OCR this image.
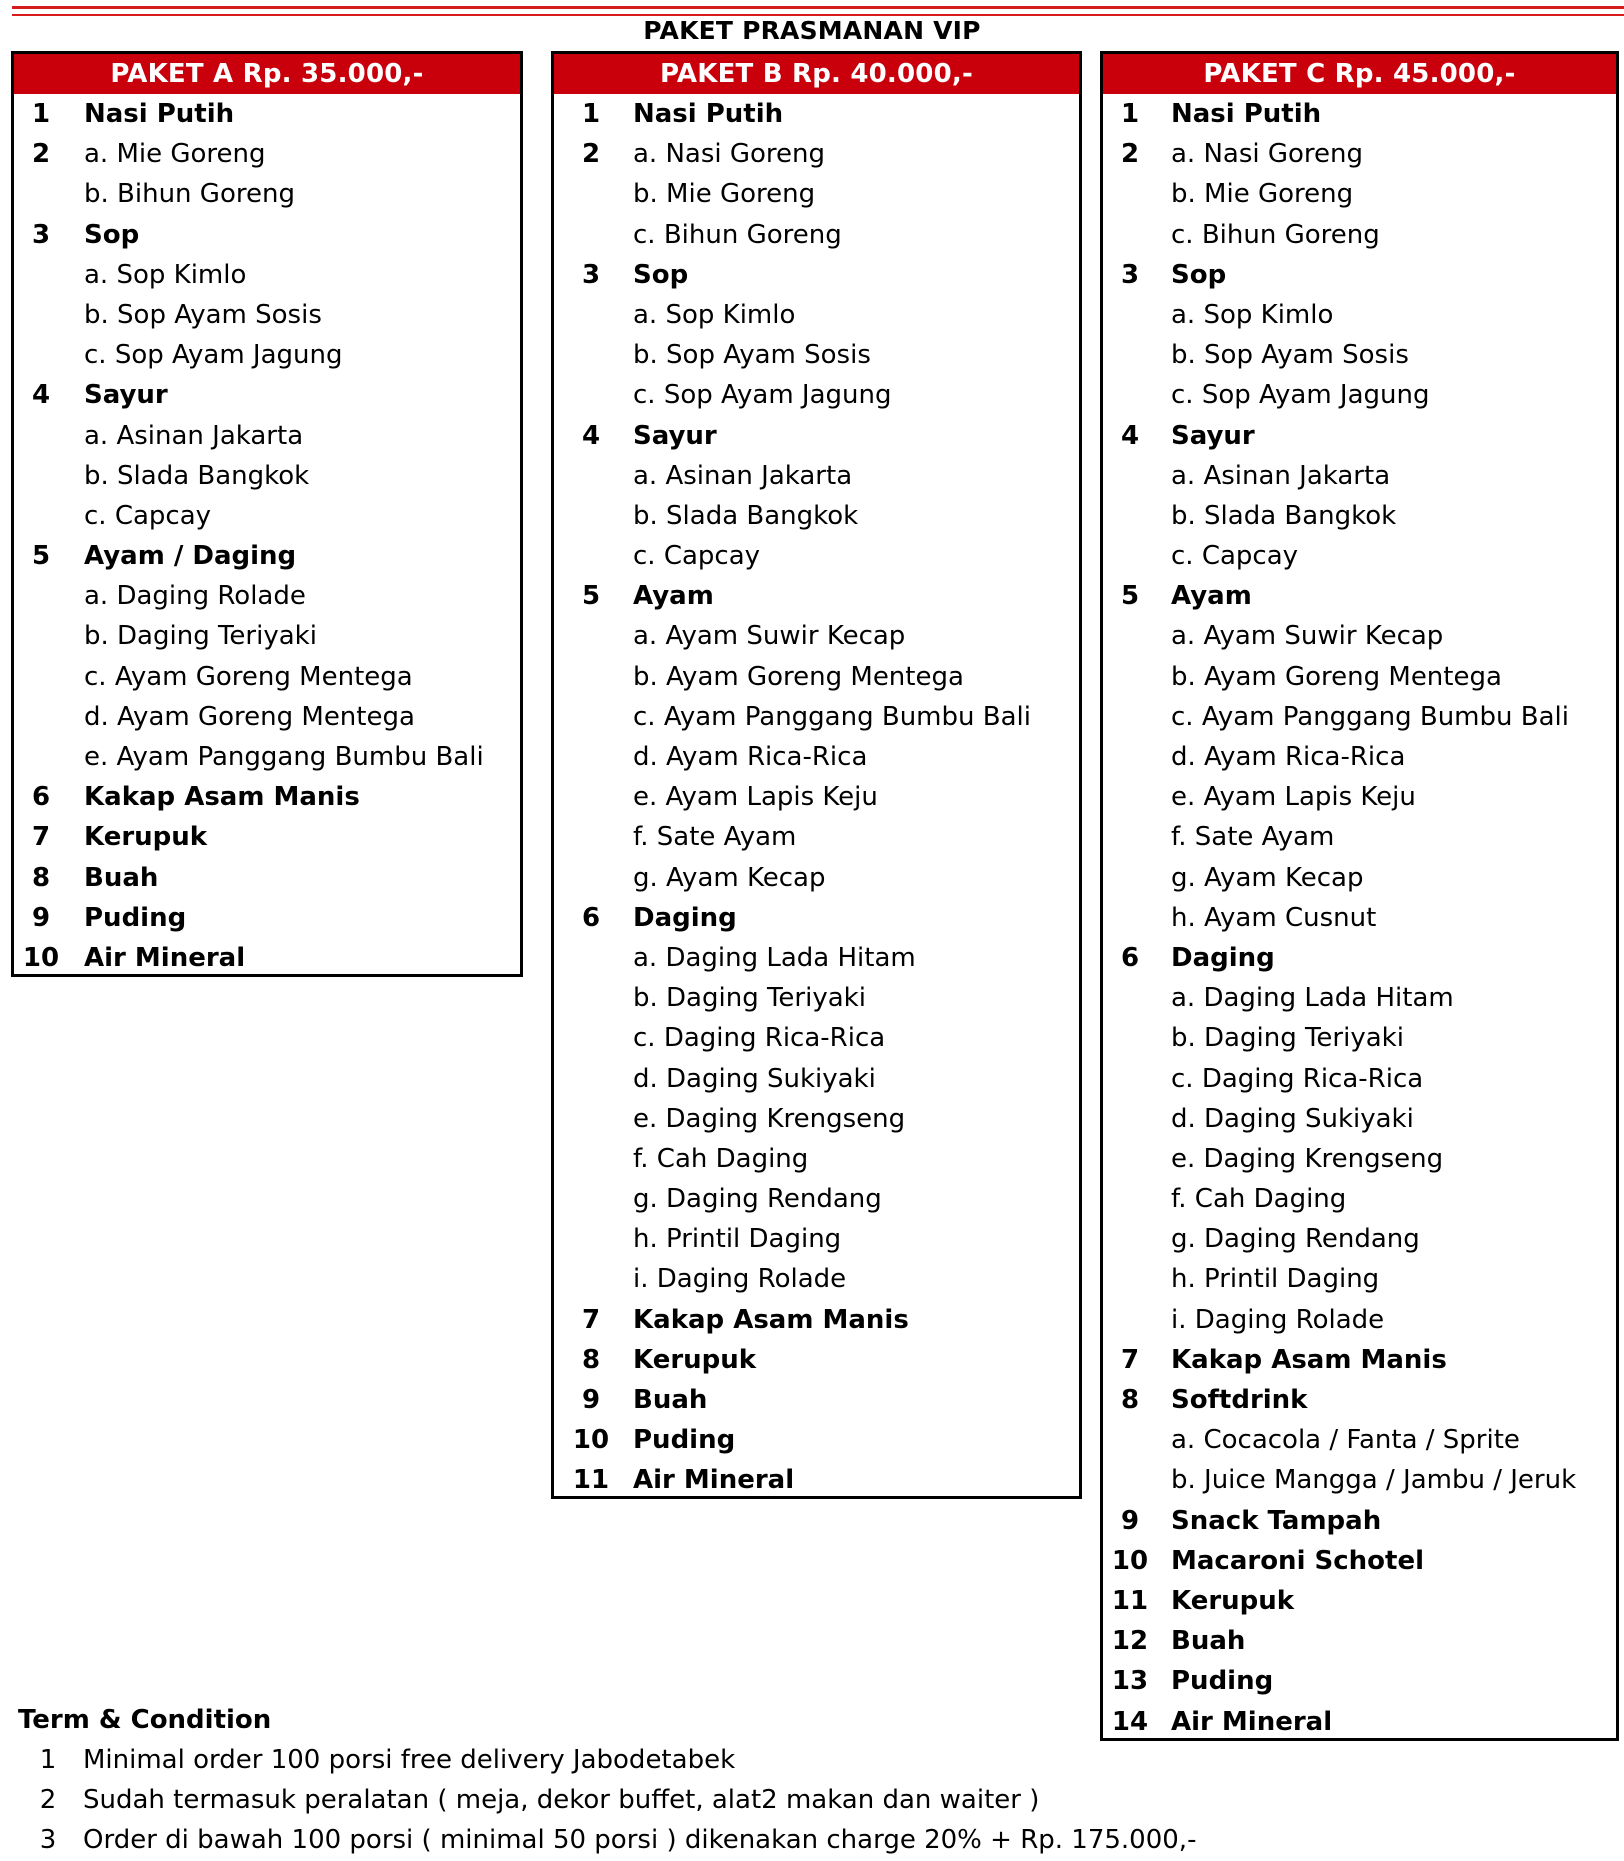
PAKET PRASMANAN VIP
PAKET A Rp. 35.000,-
1	Nasi Putih
2	a. Mie Goreng
b. Bihun Goreng
3	Sop
a. Sop Kimlo
b. Sop Ayam Sosis
c. Sop Ayam Jagung
4	Sayur
a. Asinan Jakarta
b. Slada Bangkok
c. Capcay
5	Ayam / Daging
a. Daging Rolade
b. Daging Teriyaki
c. Ayam Goreng Mentega
d. Ayam Goreng Mentega
e. Ayam Panggang Bumbu Bali
6	Kakap Asam Manis
7	Kerupuk
8	Buah
9	Puding
10 Air Mineral
PAKET B Rp. 40.000,-
1	Nasi Putih
2	a. Nasi Goreng
b. Mie Goreng
c. Bihun Goreng
3	Sop
a. Sop Kimlo
b. Sop Ayam Sosis
c. Sop Ayam Jagung
4	Sayur
a. Asinan Jakarta
b. Slada Bangkok
c. Capcay
5	Ayam
a. Ayam Suwir Kecap
b. Ayam Goreng Mentega
c. Ayam Panggang Bumbu Bali
d. Ayam Rica-Rica
e. Ayam Lapis Keju
f. Sate Ayam
g. Ayam Kecap
6	Daging
a. Daging Lada Hitam
b. Daging Teriyaki
c. Daging Rica-Rica
d. Daging Sukiyaki
e. Daging Krengseng
f. Cah Daging
g. Daging Rendang
h. Printil Daging
i. Daging Rolade
7	Kakap Asam Manis
8	Kerupuk
9	Buah
10 Puding
11 Air Mineral
PAKET C Rp. 45.000,-
1	Nasi Putih
2	a. Nasi Goreng
b. Mie Goreng
c. Bihun Goreng
3	Sop
a. Sop Kimlo
b. Sop Ayam Sosis
c. Sop Ayam Jagung
4	Sayur
a. Asinan Jakarta
b. Slada Bangkok
c. Capcay
5	Ayam
a. Ayam Suwir Kecap
b. Ayam Goreng Mentega
c. Ayam Panggang Bumbu Bali
d. Ayam Rica-Rica
e. Ayam Lapis Keju
f. Sate Ayam
g. Ayam Kecap
h. Ayam Cusnut
6	Daging
a. Daging Lada Hitam
b. Daging Teriyaki
c. Daging Rica-Rica
d. Daging Sukiyaki
e. Daging Krengseng
f. Cah Daging
g. Daging Rendang
h. Printil Daging
i. Daging Rolade
7	Kakap Asam Manis
8	Softdrink
a. Cocacola / Fanta / Sprite
b. Juice Mangga / Jambu / Jeruk
9	Snack Tampah
10 Macaroni Schotel
11 Kerupuk
12 Buah
13 Puding
14 Air Mineral
Term & Condition
1 Minimal order 100 porsi free delivery Jabodetabek
2 Sudah termasuk peralatan ( meja, dekor buffet, alat2 makan dan waiter )
3 Order di bawah 100 porsi ( minimal 50 porsi ) dikenakan charge 20% + Rp. 175.000,-
